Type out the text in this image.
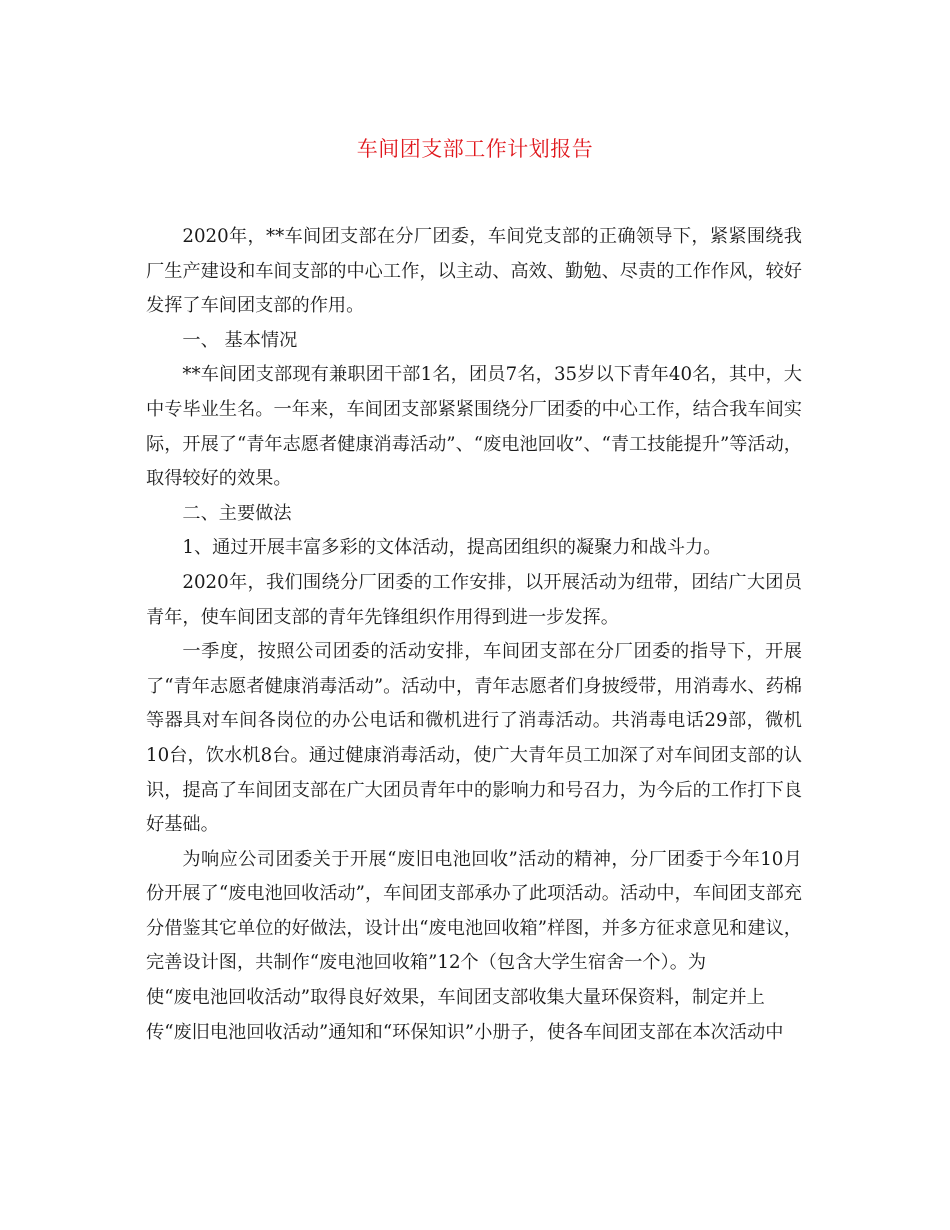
车间团支部工作计划报告

2020年，**车间团支部在分厂团委，车间党支部的正确领导下，紧紧围绕我厂生产建设和车间支部的中心工作，以主动、高效、勤勉、尽责的工作作风，较好发挥了车间团支部的作用。

一、 基本情况

**车间团支部现有兼职团干部1名，团员7名，35岁以下青年40名，其中，大中专毕业生名。一年来，车间团支部紧紧围绕分厂团委的中心工作，结合我车间实际，开展了“青年志愿者健康消毒活动”、“废电池回收”、“青工技能提升”等活动，取得较好的效果。

二、主要做法

1、通过开展丰富多彩的文体活动，提高团组织的凝聚力和战斗力。

2020年，我们围绕分厂团委的工作安排，以开展活动为纽带，团结广大团员青年，使车间团支部的青年先锋组织作用得到进一步发挥。

一季度，按照公司团委的活动安排，车间团支部在分厂团委的指导下，开展了“青年志愿者健康消毒活动”。活动中，青年志愿者们身披绶带，用消毒水、药棉等器具对车间各岗位的办公电话和微机进行了消毒活动。共消毒电话29部，微机10台，饮水机8台。通过健康消毒活动，使广大青年员工加深了对车间团支部的认识，提高了车间团支部在广大团员青年中的影响力和号召力，为今后的工作打下良好基础。

为响应公司团委关于开展“废旧电池回收”活动的精神，分厂团委于今年10月份开展了“废电池回收活动”，车间团支部承办了此项活动。活动中，车间团支部充分借鉴其它单位的好做法，设计出“废电池回收箱”样图，并多方征求意见和建议，完善设计图，共制作“废电池回收箱”12个（包含大学生宿舍一个）。为

使“废电池回收活动”取得良好效果，车间团支部收集大量环保资料，制定并上

传“废旧电池回收活动”通知和“环保知识”小册子，使各车间团支部在本次活动中
